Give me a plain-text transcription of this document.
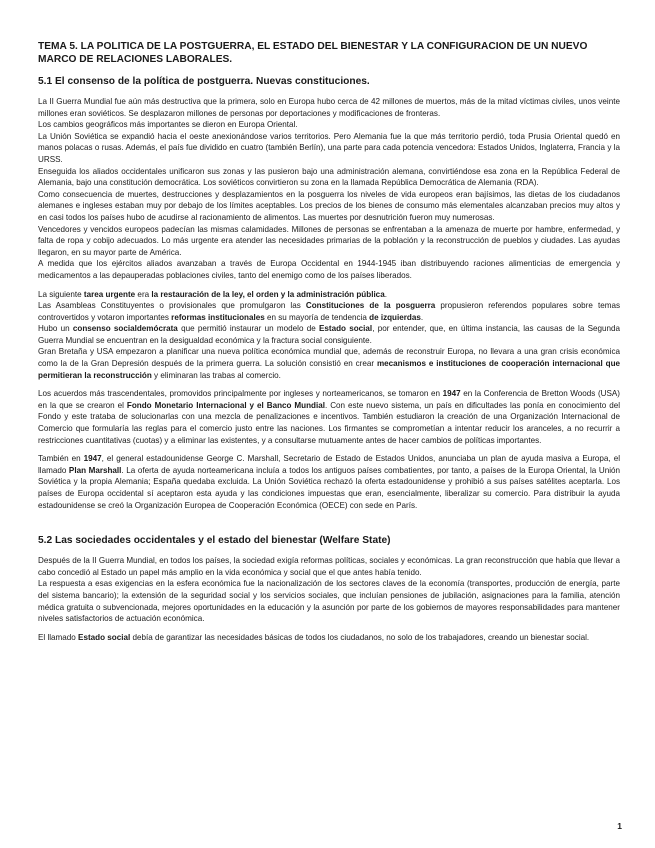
TEMA 5. LA POLITICA DE LA POSTGUERRA, EL ESTADO DEL BIENESTAR Y LA CONFIGURACION DE UN NUEVO MARCO DE RELACIONES LABORALES.
5.1 El consenso de la política de postguerra. Nuevas constituciones.

La II Guerra Mundial fue aún más destructiva que la primera, solo en Europa hubo cerca de 42 millones de muertos, más de la mitad víctimas civiles, unos veinte millones eran soviéticos. Se desplazaron millones de personas por deportaciones y modificaciones de fronteras.

Los cambios geográficos más importantes se dieron en Europa Oriental.

La Unión Soviética se expandió hacia el oeste anexionándose varios territorios. Pero Alemania fue la que más territorio perdió, toda Prusia Oriental quedó en manos polacas o rusas. Además, el país fue dividido en cuatro (también Berlín), una parte para cada potencia vencedora: Estados Unidos, Inglaterra, Francia y la URSS.

Enseguida los aliados occidentales unificaron sus zonas y las pusieron bajo una administración alemana, convirtiéndose esa zona en la República Federal de Alemania, bajo una constitución democrática. Los soviéticos convirtieron su zona en la llamada República Democrática de Alemania (RDA).

Como consecuencia de muertes, destrucciones y desplazamientos en la posguerra los niveles de vida europeos eran bajísimos, las dietas de los ciudadanos alemanes e ingleses estaban muy por debajo de los límites aceptables. Los precios de los bienes de consumo más elementales alcanzaban precios muy altos y en casi todos los países hubo de acudirse al racionamiento de alimentos. Las muertes por desnutrición fueron muy numerosas.

Vencedores y vencidos europeos padecían las mismas calamidades. Millones de personas se enfrentaban a la amenaza de muerte por hambre, enfermedad, y falta de ropa y cobijo adecuados. Lo más urgente era atender las necesidades primarias de la población y la reconstrucción de pueblos y ciudades. Las ayudas llegaron, en su mayor parte de América.

A medida que los ejércitos aliados avanzaban a través de Europa Occidental en 1944-1945 iban distribuyendo raciones alimenticias de emergencia y medicamentos a las depauperadas poblaciones civiles, tanto del enemigo como de los países liberados.

La siguiente tarea urgente era la restauración de la ley, el orden y la administración pública.

Las Asambleas Constituyentes o provisionales que promulgaron las Constituciones de la posguerra propusieron referendos populares sobre temas controvertidos y votaron importantes reformas institucionales en su mayoría de tendencia de izquierdas.

Hubo un consenso socialdemócrata que permitió instaurar un modelo de Estado social, por entender, que, en última instancia, las causas de la Segunda Guerra Mundial se encuentran en la desigualdad económica y la fractura social consiguiente.

Gran Bretaña y USA empezaron a planificar una nueva política económica mundial que, además de reconstruir Europa, no llevara a una gran crisis económica como la de la Gran Depresión después de la primera guerra. La solución consistió en crear mecanismos e instituciones de cooperación internacional que permitieran la reconstrucción y eliminaran las trabas al comercio.

Los acuerdos más trascendentales, promovidos principalmente por ingleses y norteamericanos, se tomaron en 1947 en la Conferencia de Bretton Woods (USA) en la que se crearon el Fondo Monetario Internacional y el Banco Mundial. Con este nuevo sistema, un país en dificultades las ponía en conocimiento del Fondo y este trataba de solucionarlas con una mezcla de penalizaciones e incentivos. También estudiaron la creación de una Organización Internacional de Comercio que formularía las reglas para el comercio justo entre las naciones. Los firmantes se comprometían a intentar reducir los aranceles, a no recurrir a restricciones cuantitativas (cuotas) y a eliminar las existentes, y a consultarse mutuamente antes de hacer cambios de políticas importantes.

También en 1947, el general estadounidense George C. Marshall, Secretario de Estado de Estados Unidos, anunciaba un plan de ayuda masiva a Europa, el llamado Plan Marshall. La oferta de ayuda norteamericana incluía a todos los antiguos países combatientes, por tanto, a países de la Europa Oriental, la Unión Soviética y la propia Alemania; España quedaba excluida. La Unión Soviética rechazó la oferta estadounidense y prohibió a sus países satélites aceptarla. Los países de Europa occidental sí aceptaron esta ayuda y las condiciones impuestas que eran, esencialmente, liberalizar su comercio. Para distribuir la ayuda estadounidense se creó la Organización Europea de Cooperación Económica (OECE) con sede en París.

5.2 Las sociedades occidentales y el estado del bienestar (Welfare State)

Después de la II Guerra Mundial, en todos los países, la sociedad exigía reformas políticas, sociales y económicas. La gran reconstrucción que había que llevar a cabo concedió al Estado un papel más amplio en la vida económica y social que el que antes había tenido.

La respuesta a esas exigencias en la esfera económica fue la nacionalización de los sectores claves de la economía (transportes, producción de energía, parte del sistema bancario); la extensión de la seguridad social y los servicios sociales, que incluían pensiones de jubilación, asignaciones para la familia, atención médica gratuita o subvencionada, mejores oportunidades en la educación y la asunción por parte de los gobiernos de mayores responsabilidades para mantener niveles satisfactorios de actuación económica.

El llamado Estado social debía de garantizar las necesidades básicas de todos los ciudadanos, no solo de los trabajadores, creando un bienestar social.

1
